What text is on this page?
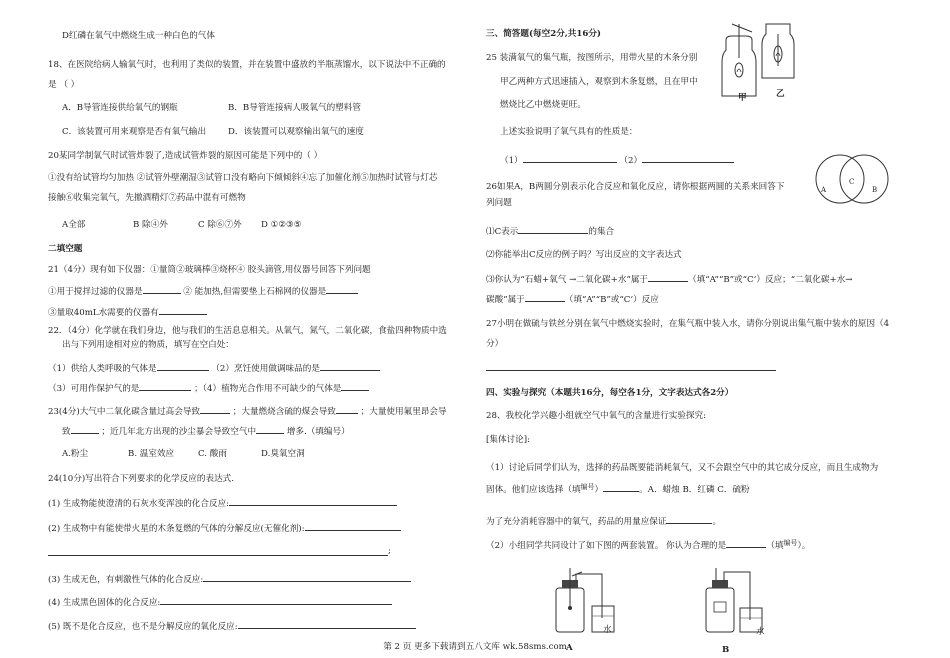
D红磷在氧气中燃烧生成一种白色的气体
18、在医院给病人输氧气时，也利用了类似的装置，并在装置中盛放约半瓶蒸馏水，以下说法中不正确的
是 （ ）
A．B导管连接供给氧气的钢瓶	B．B导管连接病人吸氧气的塑料管
C．该装置可用来观察是否有氧气输出	D．该装置可以观察输出氧气的速度
20某同学制氧气时试管炸裂了,造成试管炸裂的原因可能是下列中的（ ）
①没有给试管均匀加热 ②试管外壁潮湿③试管口没有略向下倾倾斜④忘了加催化剂⑤加热时试管与灯芯
接触⑥收集完氧气，先撤酒精灯⑦药品中混有可燃物
A全部	B 除④外	C 除⑥⑦外 D ①②③⑤
二填空题
21（4分）现有如下仪器：①量筒②玻璃棒③烧杯④ 胶头滴管,用仪器号回答下列问题
①用于搅拌过滤的仪器是	② 能加热,但需要垫上石棉网的仪器是
③量取40mL水需要的仪器有
22．（4分）化学就在我们身边，他与我们的生活息息相关。从氧气，氮气，二氧化碳，食盐四种物质中选
出与下列用途相对应的物质，填写在空白处：
（1）供给人类呼吸的气体是	（2）烹饪使用做调味品的是
（3）可用作保护气的是	；（4）植物光合作用不可缺少的气体是
23(4分)大气中二氧化碳含量过高会导致	；大量燃烧含硫的煤会导致	；大量使用氟里昂会导
致	；近几年北方出现的沙尘暴会导致空气中	增多.（填编号）
A.粉尘	B. 温室效应	C. 酸雨	D.臭氧空洞
24(10分)写出符合下列要求的化学反应的表达式.
(1) 生成物能使澄清的石灰水变浑浊的化合反应:
(2) 生成物中有能使带火星的木条复燃的气体的分解反应(无催化剂):
;
(3) 生成无色，有刺激性气体的化合反应:
(4) 生成黑色固体的化合反应:
(5) 既不是化合反应，也不是分解反应的氧化反应:
三、简答题(每空2分,共16分)
25 装满氧气的集气瓶，按图所示，用带火星的木条分别
甲乙两种方式迅速插入，观察到木条复燃，且在甲中
燃烧比乙中燃烧更旺。
上述实验说明了氧气具有的性质是：
（1）	（2）
甲	乙
26如果A，B两圆分别表示化合反应和氧化反应，请你根据两圆的关系来回答下
列问题
⑴C表示	的集合
⑵你能举出C反应的例子吗？写出反应的文字表达式
⑶你认为“石蜡+氧气 →二氧化碳+水”属于	（填“A”“B”或“C‘）反应；“二氧化碳+水→
碳酸”属于	（填“A”“B”或“C‘）反应
A
C
B
27小明在做硫与铁丝分别在氧气中燃烧实验时，在集气瓶中装入水，请你分别说出集气瓶中装水的原因（4
分）
四、实验与探究（本题共16分，每空各1分，文字表达式各2分）
28、我校化学兴趣小组就空气中氧气的含量进行实验探究:
[集体讨论]:
（1）讨论后同学们认为，选择的药品既要能消耗氧气，又不会跟空气中的其它成分反应，而且生成物为
固体。他们应该选择（填$^{编号}$）	。A．蜡烛 B．红磷 C．硫粉
为了充分消耗容器中的氧气，药品的用量应保证	。
（2）小组同学共同设计了如下图的两套装置。 你认为合理的是	（填$^{编号}$）。
水
A
水
B
第 2 页 更多下载请到五八文库 wk.58sms.com
